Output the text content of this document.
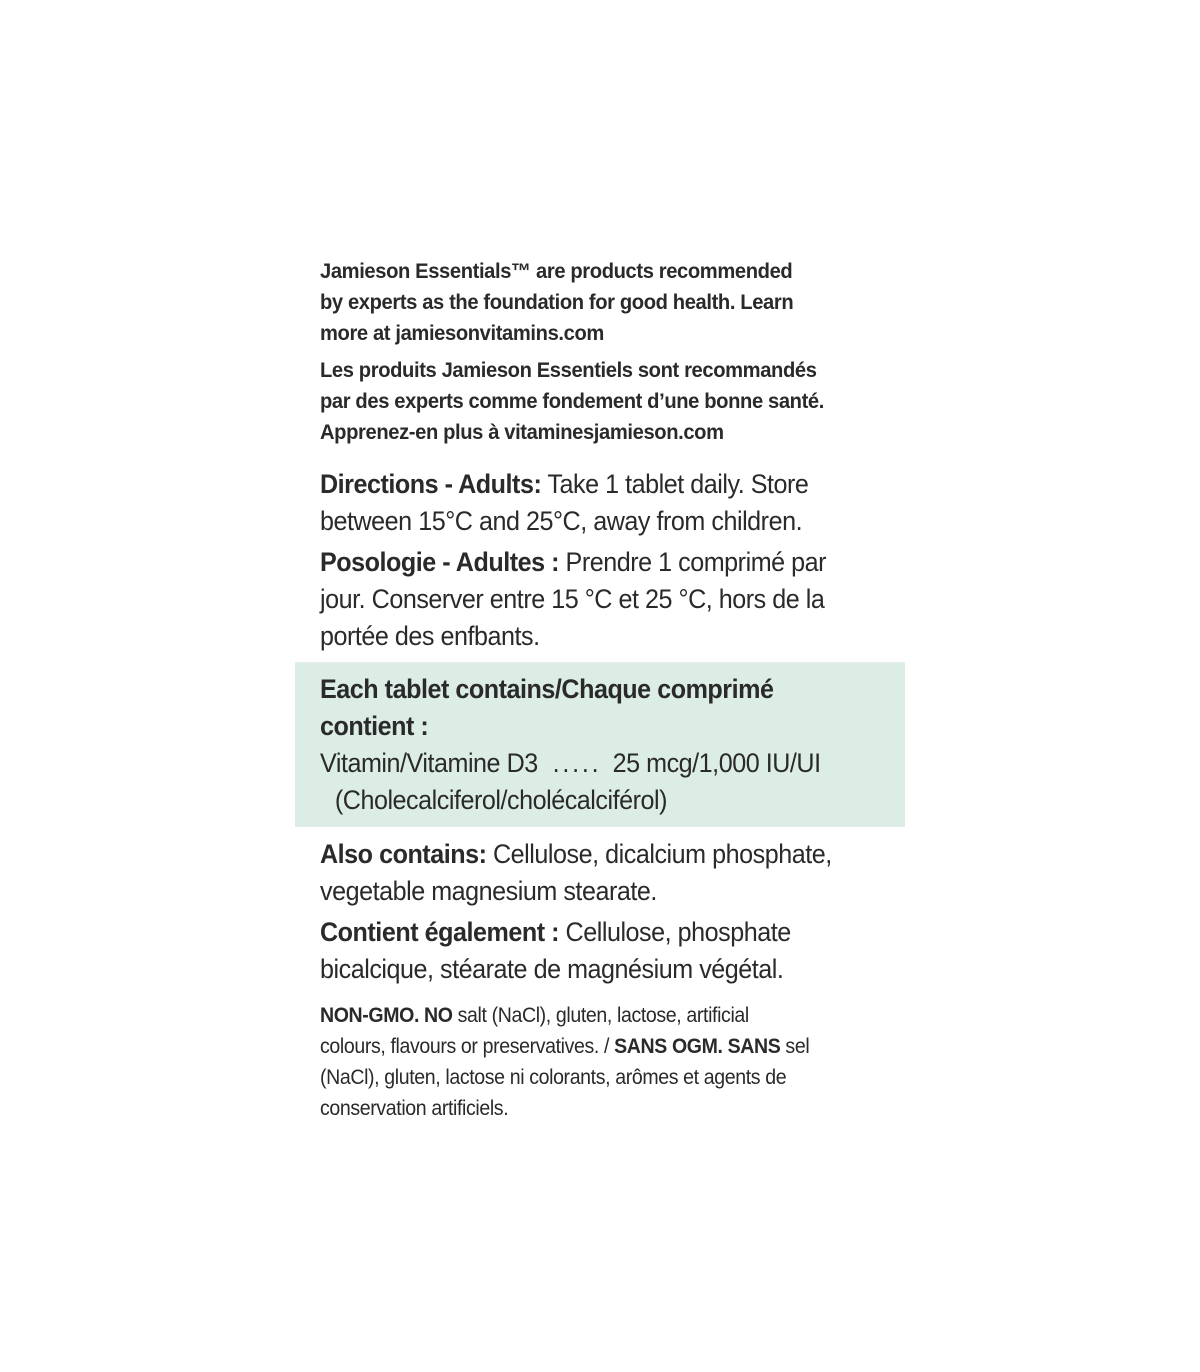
Jamieson Essentials™ are products recommended
by experts as the foundation for good health. Learn
more at jamiesonvitamins.com
Les produits Jamieson Essentiels sont recommandés
par des experts comme fondement d’une bonne santé.
Apprenez-en plus à vitaminesjamieson.com
Directions - Adults: Take 1 tablet daily. Store
between 15°C and 25°C, away from children.
Posologie - Adultes : Prendre 1 comprimé par
jour. Conserver entre 15 °C et 25 °C, hors de la
portée des enfbants.
Each tablet contains/Chaque comprimé
contient :
Vitamin/Vitamine D3 ..... 25 mcg/1,000 IU/UI
(Cholecalciferol/cholécalciférol)
Also contains: Cellulose, dicalcium phosphate,
vegetable magnesium stearate.
Contient également : Cellulose, phosphate
bicalcique, stéarate de magnésium végétal.
NON-GMO. NO salt (NaCl), gluten, lactose, artificial
colours, flavours or preservatives. / SANS OGM. SANS sel
(NaCl), gluten, lactose ni colorants, arômes et agents de
conservation artificiels.
